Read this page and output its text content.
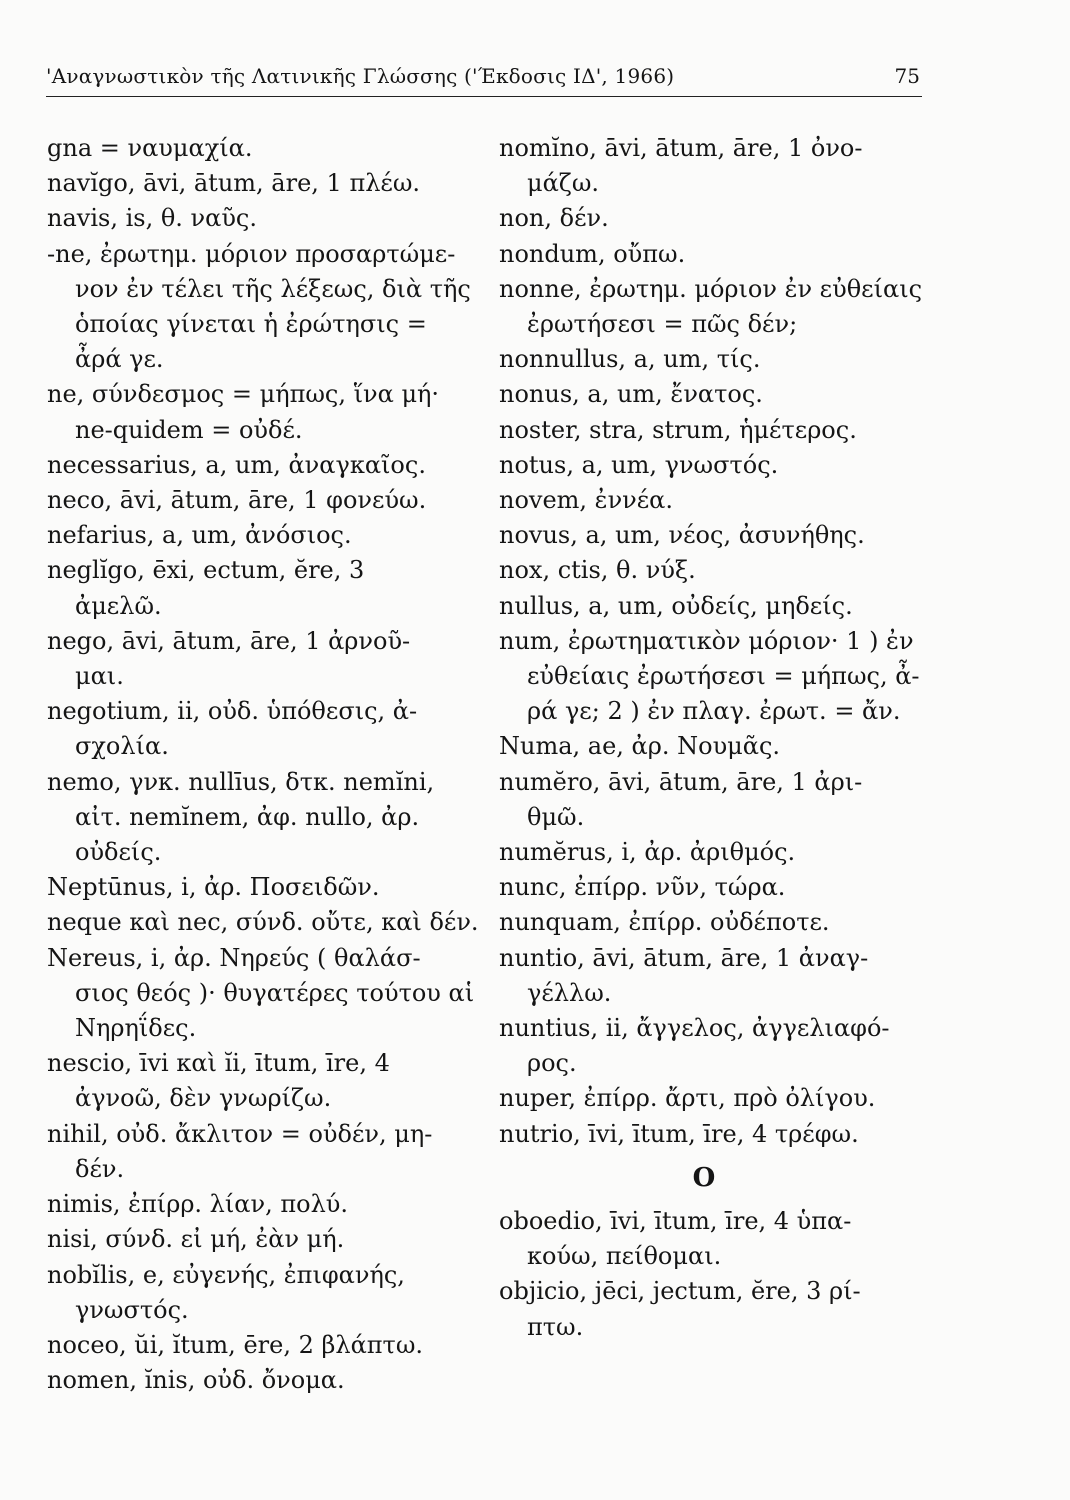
'Αναγνωστικὸν τῆς Λατινικῆς Γλώσσης ('Έκδοσις ΙΔ', 1966)	75
gna = ναυμαχία.
navĭgo, āvi, ātum, āre, 1 πλέω.
navis, is, θ. ναῦς.
-ne, ἐρωτημ. μόριον προσαρτώμε-
νον ἐν τέλει τῆς λέξεως, διὰ τῆς
ὁποίας γίνεται ἡ ἐρώτησις =
ἆρά γε.
ne, σύνδεσμος = μήπως, ἵνα μή·
ne-quidem = οὐδέ.
necessarius, a, um, ἀναγκαῖος.
neco, āvi, ātum, āre, 1 φονεύω.
nefarius, a, um, ἀνόσιος.
neglĭgo, ēxi, ectum, ĕre, 3
ἀμελῶ.
nego, āvi, ātum, āre, 1 ἀρνοῦ-
μαι.
negotium, ii, οὐδ. ὑπόθεσις, ἀ-
σχολία.
nemo, γνκ. nullīus, δτκ. nemĭni,
αἰτ. nemĭnem, ἀφ. nullo, ἀρ.
οὐδείς.
Neptūnus, i, ἀρ. Ποσειδῶν.
neque καὶ nec, σύνδ. οὔτε, καὶ δέν.
Nereus, i, ἀρ. Νηρεύς ( θαλάσ-
σιος θεός )· θυγατέρες τούτου αἱ
Νηρηΐδες.
nescio, īvi καὶ ĭi, ītum, īre, 4
ἀγνοῶ, δὲν γνωρίζω.
nihil, οὐδ. ἄκλιτον = οὐδέν, μη-
δέν.
nimis, ἐπίρρ. λίαν, πολύ.
nisi, σύνδ. εἰ μή, ἐὰν μή.
nobĭlis, e, εὐγενής, ἐπιφανής,
γνωστός.
noceo, ŭi, ĭtum, ēre, 2 βλάπτω.
nomen, ĭnis, οὐδ. ὄνομα.
nomĭno, āvi, ātum, āre, 1 ὀνο-
μάζω.
non, δέν.
nondum, οὔπω.
nonne, ἐρωτημ. μόριον ἐν εὐθείαις
ἐρωτήσεσι = πῶς δέν;
nonnullus, a, um, τίς.
nonus, a, um, ἔνατος.
noster, stra, strum, ἡμέτερος.
notus, a, um, γνωστός.
novem, ἐννέα.
novus, a, um, νέος, ἀσυνήθης.
nox, ctis, θ. νύξ.
nullus, a, um, οὐδείς, μηδείς.
num, ἐρωτηματικὸν μόριον· 1 ) ἐν
εὐθείαις ἐρωτήσεσι = μήπως, ἆ-
ρά γε; 2 ) ἐν πλαγ. ἐρωτ. = ἄν.
Numa, ae, ἀρ. Νουμᾶς.
numĕro, āvi, ātum, āre, 1 ἀρι-
θμῶ.
numĕrus, i, ἀρ. ἀριθμός.
nunc, ἐπίρρ. νῦν, τώρα.
nunquam, ἐπίρρ. οὐδέποτε.
nuntio, āvi, ātum, āre, 1 ἀναγ-
γέλλω.
nuntius, ii, ἄγγελος, ἀγγελιαφό-
ρος.
nuper, ἐπίρρ. ἄρτι, πρὸ ὀλίγου.
nutrio, īvi, ītum, īre, 4 τρέφω.
O
oboedio, īvi, ītum, īre, 4 ὑπα-
κούω, πείθομαι.
objicio, jēci, jectum, ĕre, 3 ρί-
πτω.
